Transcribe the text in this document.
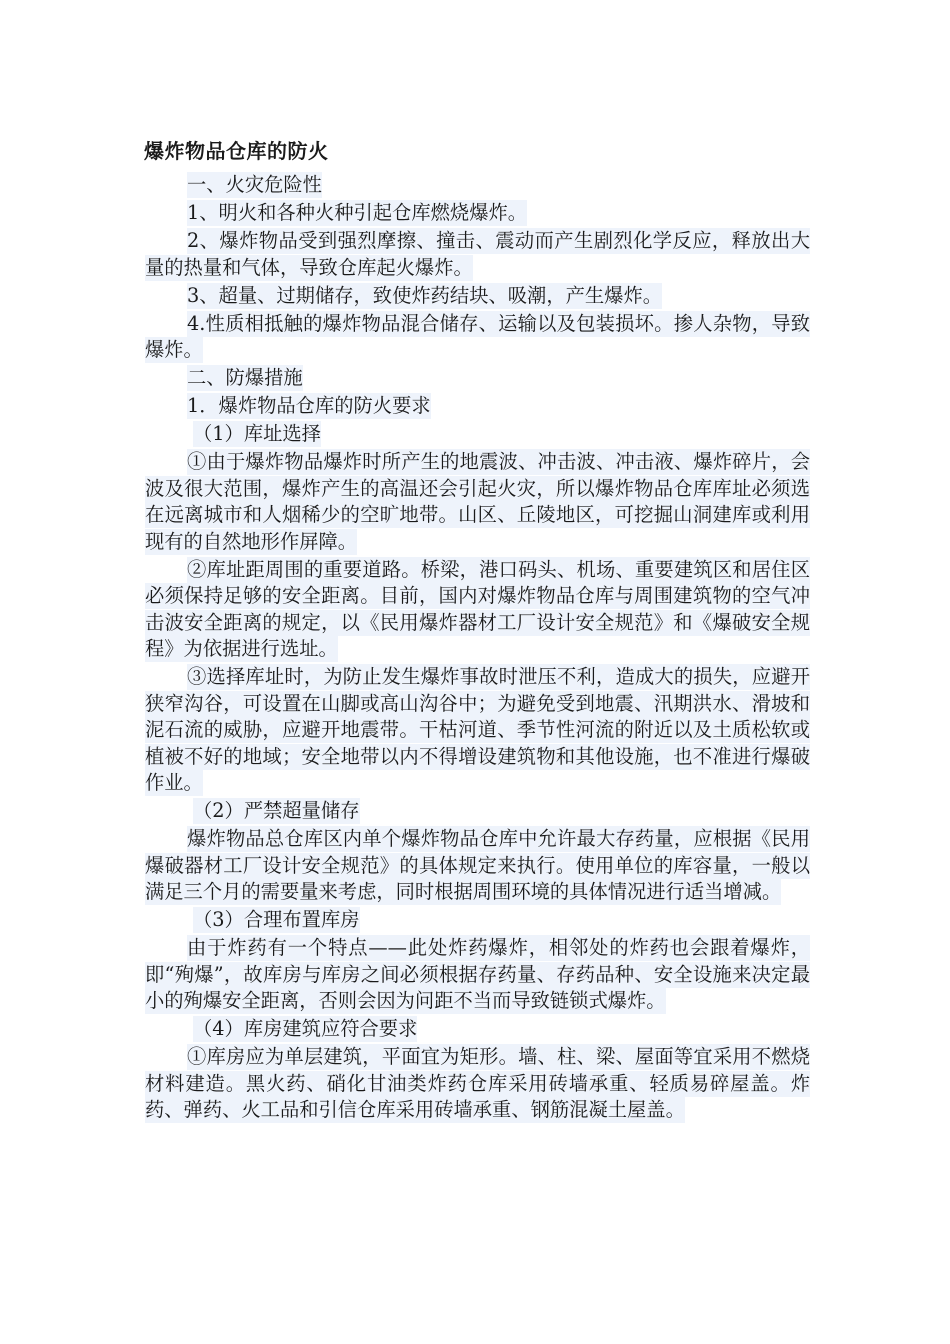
爆炸物品仓库的防火
一、火灾危险性
1、明火和各种火种引起仓库燃烧爆炸。
2、爆炸物品受到强烈摩擦、撞击、震动而产生剧烈化学反应，释放出大量的热量和气体，导致仓库起火爆炸。
3、超量、过期储存，致使炸药结块、吸潮，产生爆炸。
4.性质相抵触的爆炸物品混合储存、运输以及包装损坏。掺人杂物，导致爆炸。
二、防爆措施
1．爆炸物品仓库的防火要求
（1）库址选择
①由于爆炸物品爆炸时所产生的地震波、冲击波、冲击液、爆炸碎片，会波及很大范围，爆炸产生的高温还会引起火灾，所以爆炸物品仓库库址必须选在远离城市和人烟稀少的空旷地带。山区、丘陵地区，可挖掘山洞建库或利用现有的自然地形作屏障。
②库址距周围的重要道路。桥梁，港口码头、机场、重要建筑区和居住区必须保持足够的安全距离。目前，国内对爆炸物品仓库与周围建筑物的空气冲击波安全距离的规定，以《民用爆炸器材工厂设计安全规范》和《爆破安全规程》为依据进行选址。
③选择库址时，为防止发生爆炸事故时泄压不利，造成大的损失，应避开狭窄沟谷，可设置在山脚或高山沟谷中；为避免受到地震、汛期洪水、滑坡和泥石流的威胁，应避开地震带。干枯河道、季节性河流的附近以及土质松软或植被不好的地域；安全地带以内不得增设建筑物和其他设施，也不准进行爆破作业。
（2）严禁超量储存
爆炸物品总仓库区内单个爆炸物品仓库中允许最大存药量，应根据《民用爆破器材工厂设计安全规范》的具体规定来执行。使用单位的库容量，一般以满足三个月的需要量来考虑，同时根据周围环境的具体情况进行适当增减。
（3）合理布置库房
由于炸药有一个特点——此处炸药爆炸，相邻处的炸药也会跟着爆炸，即“殉爆”，故库房与库房之间必须根据存药量、存药品种、安全设施来决定最小的殉爆安全距离，否则会因为问距不当而导致链锁式爆炸。
（4）库房建筑应符合要求
①库房应为单层建筑，平面宜为矩形。墙、柱、梁、屋面等宜采用不燃烧材料建造。黑火药、硝化甘油类炸药仓库采用砖墙承重、轻质易碎屋盖。炸药、弹药、火工品和引信仓库采用砖墙承重、钢筋混凝土屋盖。
